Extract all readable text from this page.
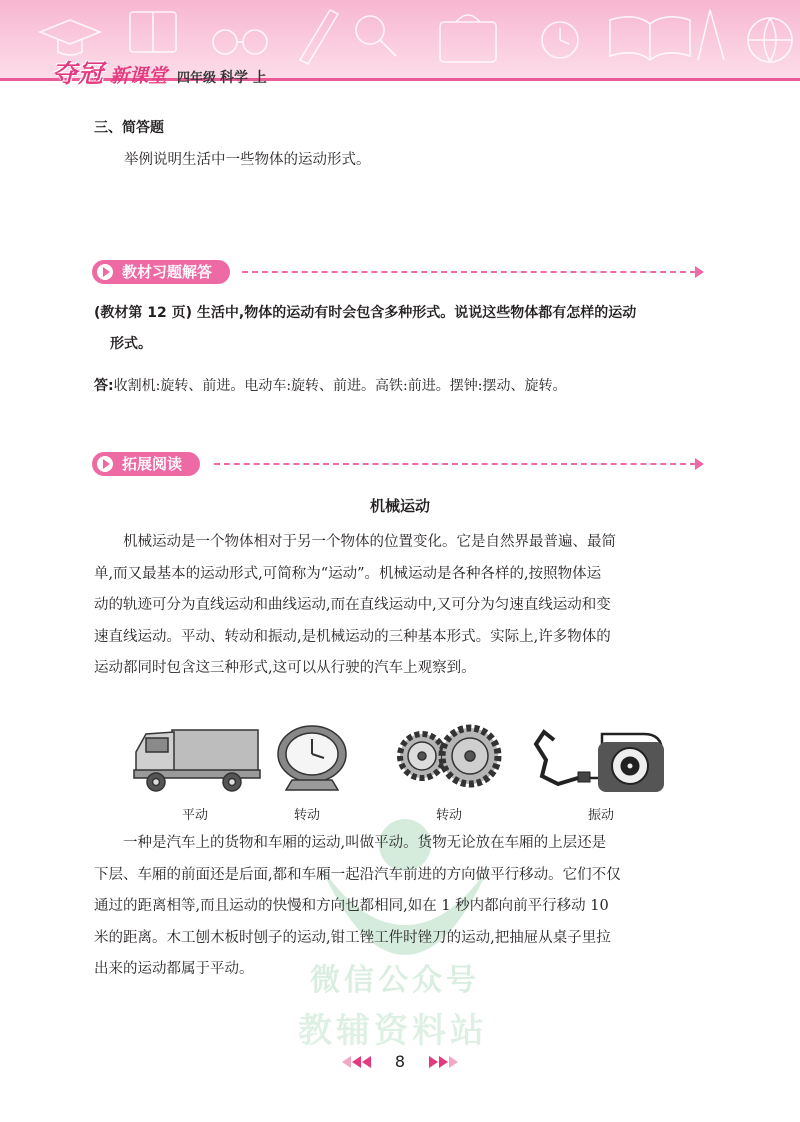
夺冠 新课堂 四年级 科学 上
三、简答题
举例说明生活中一些物体的运动形式。
教材习题解答
(教材第 12 页) 生活中,物体的运动有时会包含多种形式。说说这些物体都有怎样的运动
形式。
答:收割机:旋转、前进。电动车:旋转、前进。高铁:前进。摆钟:摆动、旋转。
拓展阅读
机械运动

机械运动是一个物体相对于另一个物体的位置变化。它是自然界最普遍、最简

单,而又最基本的运动形式,可简称为“运动”。机械运动是各种各样的,按照物体运

动的轨迹可分为直线运动和曲线运动,而在直线运动中,又可分为匀速直线运动和变

速直线运动。平动、转动和振动,是机械运动的三种基本形式。实际上,许多物体的

运动都同时包含这三种形式,这可以从行驶的汽车上观察到。

平动	转动	转动	振动
微信公众号
教辅资料站

一种是汽车上的货物和车厢的运动,叫做平动。货物无论放在车厢的上层还是

下层、车厢的前面还是后面,都和车厢一起沿汽车前进的方向做平行移动。它们不仅

通过的距离相等,而且运动的快慢和方向也都相同,如在 1 秒内都向前平行移动 10

米的距离。木工刨木板时刨子的运动,钳工锉工件时锉刀的运动,把抽屉从桌子里拉

出来的运动都属于平动。

8
